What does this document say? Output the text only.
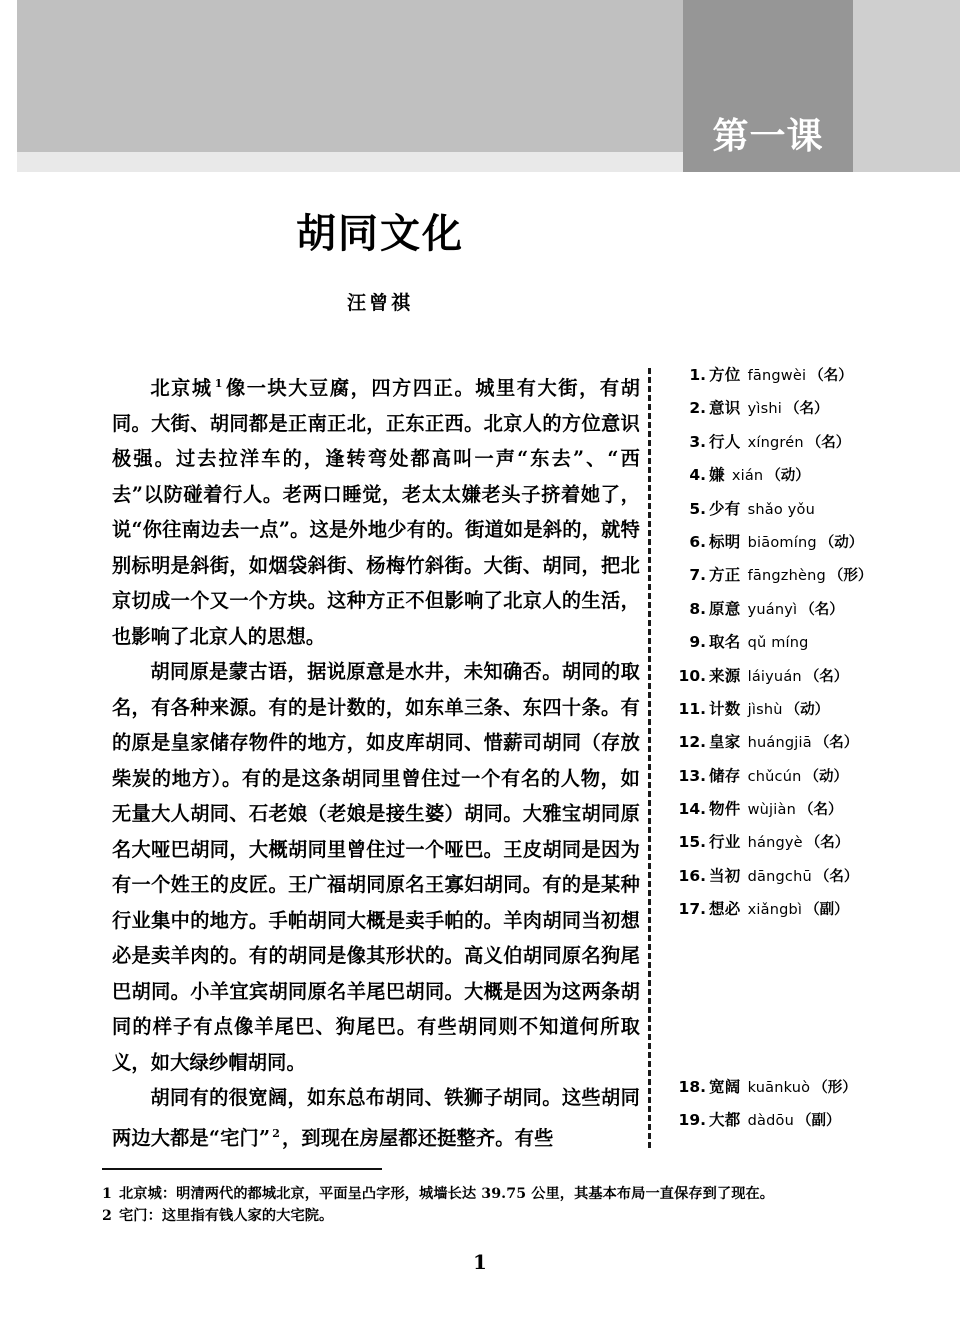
第一课
胡同文化
汪曾祺

北京城 $^1$ 像一块大豆腐，四方四正。城里有大街，有胡同。大街、胡同都是正南正北，正东正西。北京人的方位意识极强。过去拉洋车的，逢转弯处都高叫一声“东去”、“西去”以防碰着行人。老两口睡觉，老太太嫌老头子挤着她了，说“你往南边去一点”。这是外地少有的。街道如是斜的，就特别标明是斜街，如烟袋斜街、杨梅竹斜街。大街、胡同，把北京切成一个又一个方块。这种方正不但影响了北京人的生活，也影响了北京人的思想。

胡同原是蒙古语，据说原意是水井，未知确否。胡同的取名，有各种来源。有的是计数的，如东单三条、东四十条。有的原是皇家储存物件的地方，如皮库胡同、惜薪司胡同（存放柴炭的地方）。有的是这条胡同里曾住过一个有名的人物，如无量大人胡同、石老娘（老娘是接生婆）胡同。大雅宝胡同原名大哑巴胡同，大概胡同里曾住过一个哑巴。王皮胡同是因为有一个姓王的皮匠。王广福胡同原名王寡妇胡同。有的是某种行业集中的地方。手帕胡同大概是卖手帕的。羊肉胡同当初想必是卖羊肉的。有的胡同是像其形状的。高义伯胡同原名狗尾巴胡同。小羊宜宾胡同原名羊尾巴胡同。大概是因为这两条胡同的样子有点像羊尾巴、狗尾巴。有些胡同则不知道何所取义，如大绿纱帽胡同。

胡同有的很宽阔，如东总布胡同、铁狮子胡同。这些胡同两边大都是“宅门” $^2$ ，到现在房屋都还挺整齐。有些

1. 方位 fāngwèi （名）
2. 意识 yìshi （名）
3. 行人 xíngrén （名）
4. 嫌 xián （动）
5. 少有 shǎo yǒu
6. 标明 biāomíng （动）
7. 方正 fāngzhèng （形）
8. 原意 yuányì （名）
9. 取名 qǔ míng
10. 来源 láiyuán （名）
11. 计数 jìshù （动）
12. 皇家 huángjiā （名）
13. 储存 chǔcún （动）
14. 物件 wùjiàn （名）
15. 行业 hángyè （名）
16. 当初 dāngchū （名）
17. 想必 xiǎngbì （副）
18. 宽阔 kuānkuò （形）
19. 大都 dàdōu （副）
1 北京城：明清两代的都城北京，平面呈凸字形，城墙长达 39.75 公里，其基本布局一直保存到了现在。
2 宅门：这里指有钱人家的大宅院。
1
